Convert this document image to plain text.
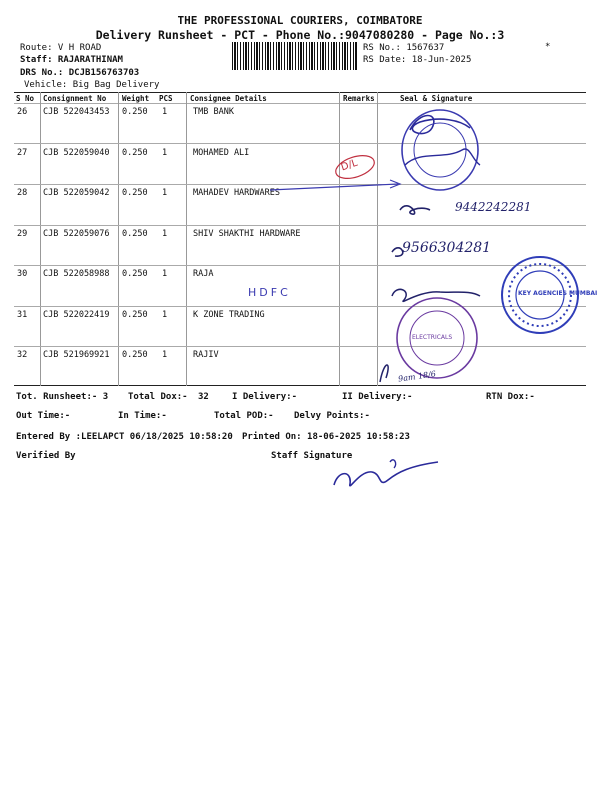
THE PROFESSIONAL COURIERS, COIMBATORE
Delivery Runsheet - PCT - Phone No.:9047080280 - Page No.:3
Route: V H ROAD
Staff: RAJARATHINAM
DRS No.: DCJB156763703
Vehicle: Big Bag Delivery
RS No.: 1567637
RS Date: 18-Jun-2025
*
S No Consignment No Weight PCS Consignee Details	Remarks	Seal & Signature
26 CJB 522043453 0.250 1	TMB BANK
27 CJB 522059040 0.250 1	MOHAMED ALI
28 CJB 522059042 0.250 1	MAHADEV HARDWARES
29 CJB 522059076 0.250 1	SHIV SHAKTHI HARDWARE
30 CJB 522058988 0.250 1	RAJA
31 CJB 522022419 0.250 1	K ZONE TRADING
32 CJB 521969921 0.250 1	RAJIV
D/L
9442242281
9566304281
HDFC	KEY AGENCIES MUMBAI
ELECTRICALS
9am 18/6
Tot. Runsheet:- 3 Total Dox:- 32	I Delivery:-	II Delivery:-	RTN Dox:-
Out Time:-	In Time:-	Total POD:- Delvy Points:-
Entered By :LEELAPCT 06/18/2025 10:58:20 Printed On: 18-06-2025 10:58:23
Verified By	Staff Signature
